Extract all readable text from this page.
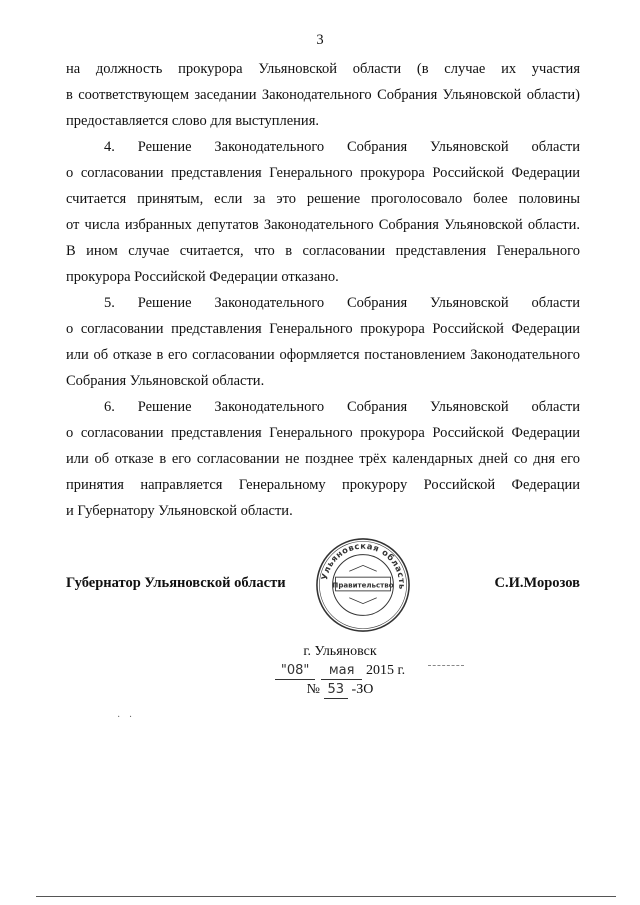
3

на должность прокурора Ульяновской области (в случае их участия
в соответствующем заседании Законодательного Собрания Ульяновской области)
предоставляется слово для выступления.

4. Решение Законодательного Собрания Ульяновской области
о согласовании представления Генерального прокурора Российской Федерации
считается принятым, если за это решение проголосовало более половины
от числа избранных депутатов Законодательного Собрания Ульяновской области.
В ином случае считается, что в согласовании представления Генерального
прокурора Российской Федерации отказано.

5. Решение Законодательного Собрания Ульяновской области
о согласовании представления Генерального прокурора Российской Федерации
или об отказе в его согласовании оформляется постановлением Законодательного
Собрания Ульяновской области.

6. Решение Законодательного Собрания Ульяновской области
о согласовании представления Генерального прокурора Российской Федерации
или об отказе в его согласовании не позднее трёх календарных дней со дня его
принятия направляется Генеральному прокурору Российской Федерации
и Губернатору Ульяновской области.

Губернатор Ульяновской области	С.И.Морозов
Ульяновская область
Правительство
г. Ульяновск
"08" мая 2015 г.
№ 53 -ЗО
· ·
